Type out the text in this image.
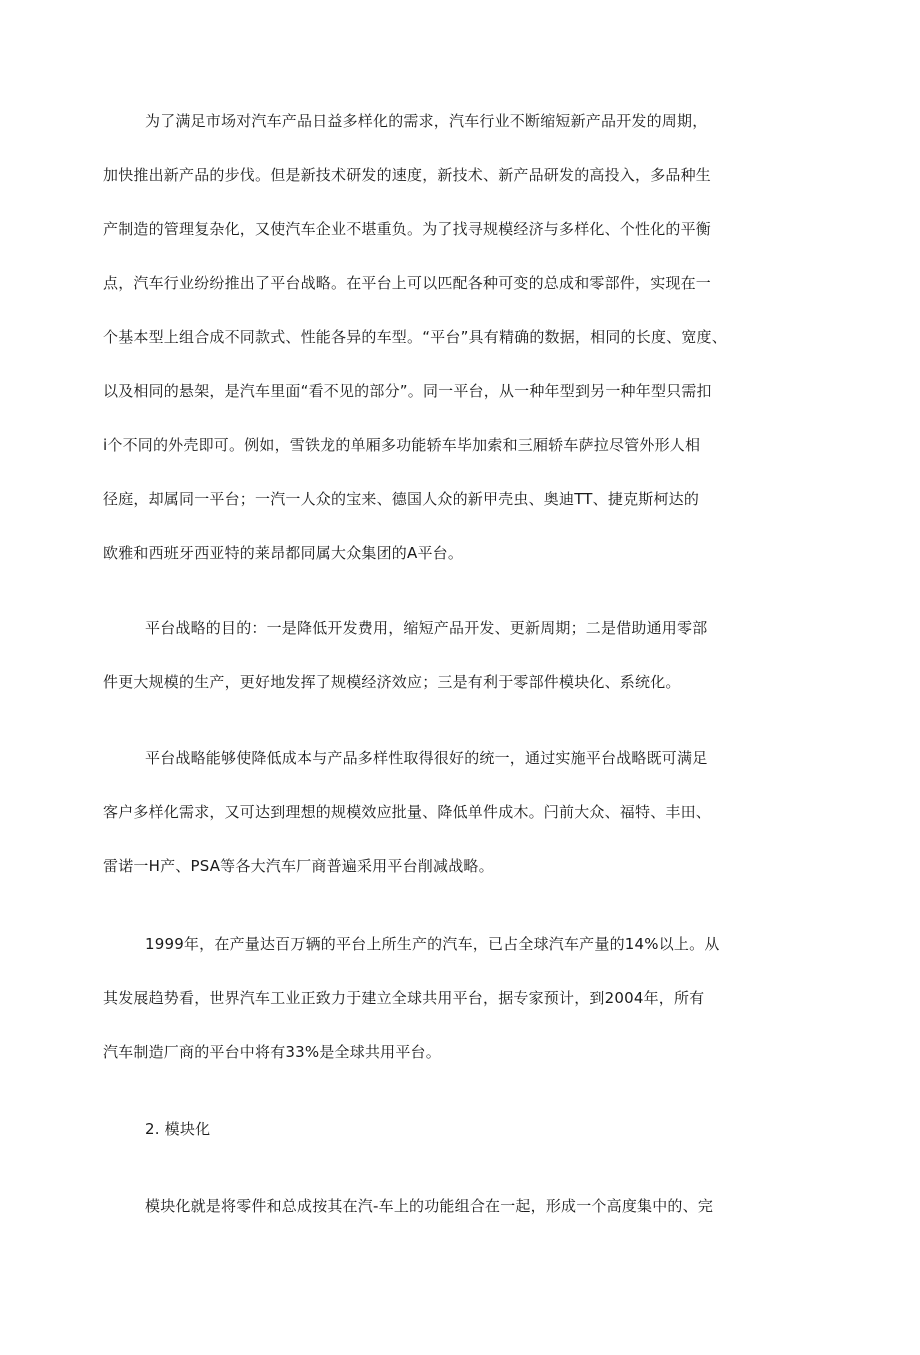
为了满足市场对汽车产品日益多样化的需求，汽车行业不断缩短新产品开发的周期，
加快推出新产品的步伐。但是新技术研发的速度，新技术、新产品研发的高投入，多品种生
产制造的管理复杂化，又使汽车企业不堪重负。为了找寻规模经济与多样化、个性化的平衡
点，汽车行业纷纷推出了平台战略。在平台上可以匹配各种可变的总成和零部件，实现在一
个基本型上组合成不同款式、性能各异的车型。“平台”具有精确的数据，相同的长度、宽度、
以及相同的悬架，是汽车里面“看不见的部分”。同一平台，从一种年型到另一种年型只需扣
i个不同的外壳即可。例如，雪铁龙的单厢多功能轿车毕加索和三厢轿车萨拉尽管外形人相
径庭，却属同一平台；一汽一人众的宝来、德国人众的新甲壳虫、奥迪TT、捷克斯柯达的
欧雅和西班牙西亚特的莱昂都同属大众集团的A平台。
平台战略的目的：一是降低开发费用，缩短产品开发、更新周期；二是借助通用零部
件更大规模的生产，更好地发挥了规模经济效应；三是有利于零部件模块化、系统化。
平台战略能够使降低成本与产品多样性取得很好的统一，通过实施平台战略既可满足
客户多样化需求，又可达到理想的规模效应批量、降低单件成木。闩前大众、福特、丰田、
雷诺一H产、PSA等各大汽车厂商普遍采用平台削减战略。
1999年，在产量达百万辆的平台上所生产的汽车，已占全球汽车产量的14%以上。从
其发展趋势看，世界汽车工业正致力于建立全球共用平台，据专家预计，到2004年，所有
汽车制造厂商的平台中将有33%是全球共用平台。
2. 模块化
模块化就是将零件和总成按其在汽-车上的功能组合在一起，形成一个高度集中的、完
